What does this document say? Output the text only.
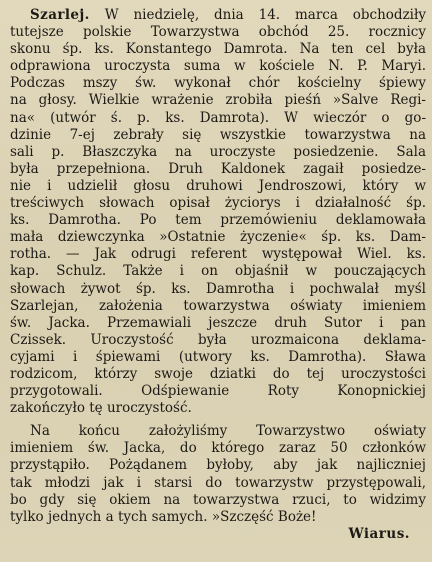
Szarlej. W niedzielę, dnia 14. marca obchodziły
tutejsze polskie Towarzystwa obchód 25. rocznicy
skonu śp. ks. Konstantego Damrota. Na ten cel była
odprawiona uroczysta suma w kościele N. P. Maryi.
Podczas mszy św. wykonał chór kościelny śpiewy
na głosy. Wielkie wrażenie zrobiła pieśń »Salve Regi-
na« (utwór ś. p. ks. Damrota). W wieczór o go-
dzinie 7-ej zebrały się wszystkie towarzystwa na
sali p. Błaszczyka na uroczyste posiedzenie. Sala
była przepełniona. Druh Kaldonek zagaił posiedze-
nie i udzielił głosu druhowi Jendroszowi, który w
treściwych słowach opisał życiorys i działalność śp.
ks. Damrotha. Po tem przemówieniu deklamowała
mała dziewczynka »Ostatnie życzenie« śp. ks. Dam-
rotha. — Jak odrugi referent występował Wiel. ks.
kap. Schulz. Także i on objaśnił w pouczających
słowach żywot śp. ks. Damrotha i pochwalał myśl
Szarlejan, założenia towarzystwa oświaty imieniem
św. Jacka. Przemawiali jeszcze druh Sutor i pan
Czissek. Uroczystość była urozmaicona deklama-
cyjami i śpiewami (utwory ks. Damrotha). Sława
rodzicom, którzy swoje dziatki do tej uroczystości
przygotowali. Odśpiewanie Roty Konopnickiej
zakończyło tę uroczystość.
Na końcu założyliśmy Towarzystwo oświaty
imieniem św. Jacka, do którego zaraz 50 członków
przystąpiło. Pożądanem byłoby, aby jak najliczniej
tak młodzi jak i starsi do towarzystw przystępowali,
bo gdy się okiem na towarzystwa rzuci, to widzimy
tylko jednych a tych samych. »Szczęść Boże!
Wiarus.
